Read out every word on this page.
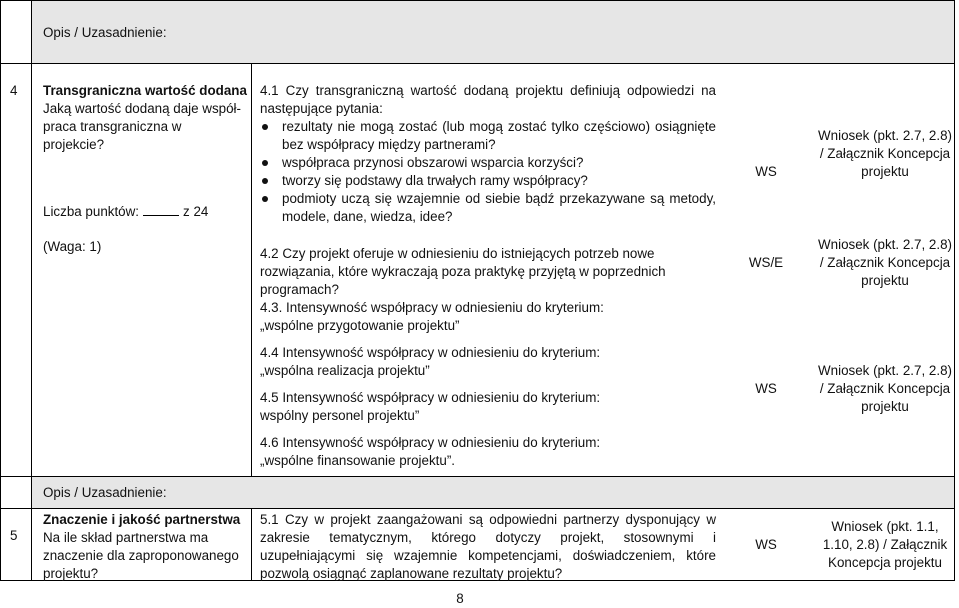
Opis / Uzasadnienie:
Opis / Uzasadnienie:
4 Transgraniczna wartość dodana
Jaką wartość dodaną daje współ-praca transgraniczna w projekcie?
Liczba punktów:	z 24
(Waga: 1)
4.1 Czy transgraniczną wartość dodaną projektu definiują odpowiedzi na następujące pytania:
rezultaty nie mogą zostać (lub mogą zostać tylko częściowo) osiągnięte bez współpracy między partnerami?
współpraca przynosi obszarowi wsparcia korzyści?
tworzy się podstawy dla trwałych ramy współpracy?
podmioty uczą się wzajemnie od siebie bądź przekazywane są metody, modele, dane, wiedza, idee?
WS
Wniosek (pkt. 2.7, 2.8) / Załącznik Koncepcja projektu
4.2 Czy projekt oferuje w odniesieniu do istniejących potrzeb nowe rozwiązania, które wykraczają poza praktykę przyjętą w poprzednich programach?
WS/E
Wniosek (pkt. 2.7, 2.8) / Załącznik Koncepcja projektu
4.3. Intensywność współpracy w odniesieniu do kryterium:
„wspólne przygotowanie projektu”
4.4 Intensywność współpracy w odniesieniu do kryterium:
„wspólna realizacja projektu”
4.5 Intensywność współpracy w odniesieniu do kryterium:
wspólny personel projektu”
4.6 Intensywność współpracy w odniesieniu do kryterium:
„wspólne finansowanie projektu”.
WS
Wniosek (pkt. 2.7, 2.8) / Załącznik Koncepcja projektu
5
Znaczenie i jakość partnerstwa
Na ile skład partnerstwa ma znaczenie dla zaproponowanego projektu?
5.1 Czy w projekt zaangażowani są odpowiedni partnerzy dysponujący w zakresie tematycznym, którego dotyczy projekt, stosownymi i uzupełniającymi się wzajemnie kompetencjami, doświadczeniem, które pozwolą osiągnąć zaplanowane rezultaty projektu?
WS
Wniosek (pkt. 1.1, 1.10, 2.8) / Załącznik Koncepcja projektu
8
